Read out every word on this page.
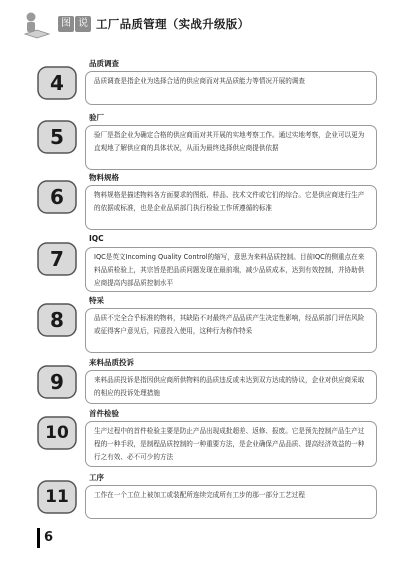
图 说 工厂品质管理（实战升级版）
4
品质调查
品质调查是指企业为选择合适的供应商而对其品质能力等情况开展的调查
5
验厂
验厂是指企业为确定合格的供应商而对其开展的实地考察工作。通过实地考察，企业可以更为直观地了解供应商的具体状况，从而为最终选择供应商提供依据
6
物料规格
物料规格是描述物料各方面要求的图纸、样品、技术文件或它们的综合。它是供应商进行生产的依据或标准，也是企业品质部门执行检验工作所遵循的标准
7
IQC
IQC是英文Incoming Quality Control的缩写，意思为来料品质控制。目前IQC的侧重点在来料品质检验上，其宗旨是把品质问题发现在最前端，减少品质成本，达到有效控制，并协助供应商提高内部品质控制水平
8
特采
品质不完全合乎标准的物料，其缺陷不对最终产品品质产生决定性影响，经品质部门评估风险或征得客户意见后，同意投入使用，这种行为称作特采
9
来料品质投诉
来料品质投诉是指因供应商所供物料的品质违反或未达到双方达成的协议，企业对供应商采取的相应的投诉处理措施
10
首件检验
生产过程中的首件检验主要是防止产品出现成批超差、返修、报废。它是预先控制产品生产过程的一种手段，是制程品质控制的一种重要方法，是企业确保产品品质、提高经济效益的一种行之有效、必不可少的方法
11
工序
工作在一个工位上被加工或装配所连续完成所有工步的那一部分工艺过程
6
